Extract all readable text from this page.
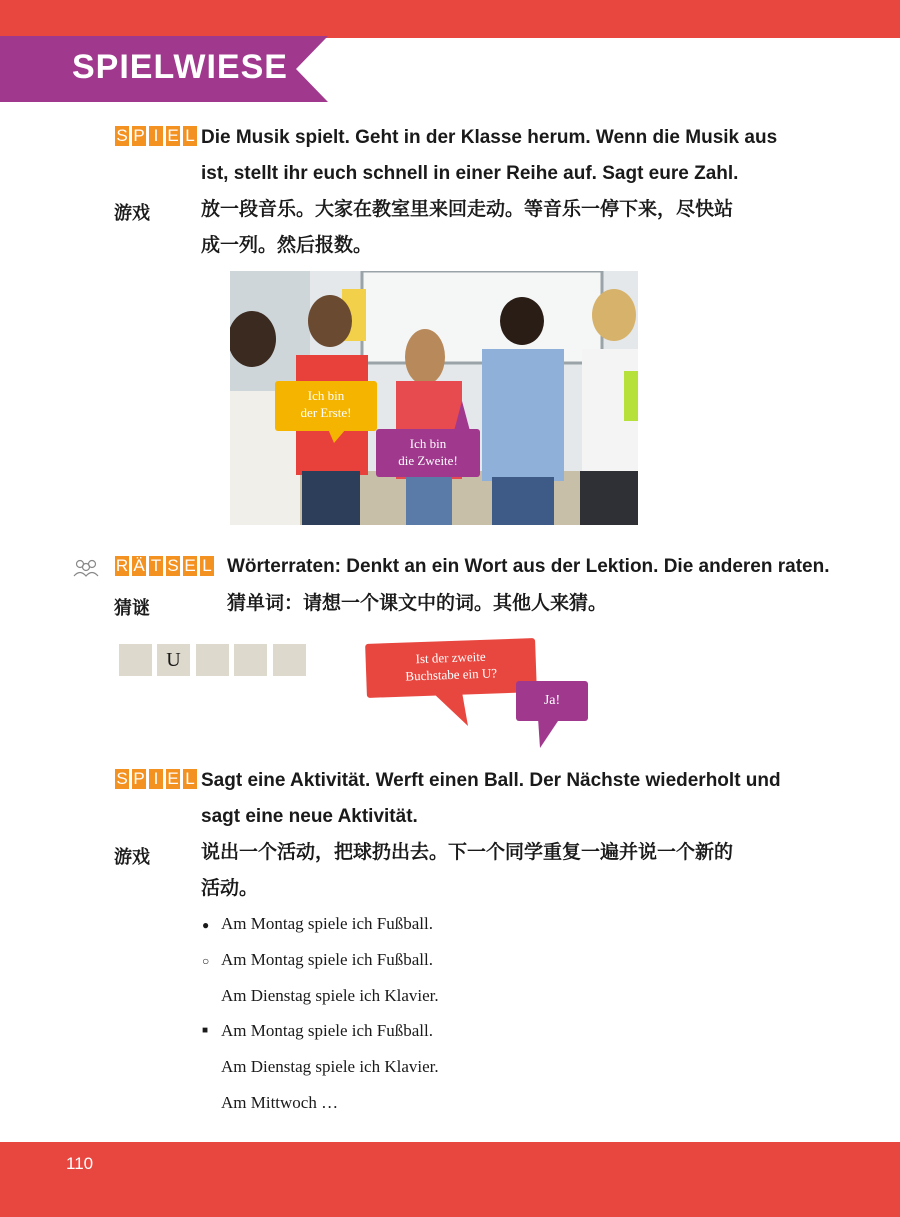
SPIELWIESE
S P I E L Die Musik spielt. Geht in der Klasse herum. Wenn die Musik aus
ist, stellt ihr euch schnell in einer Reihe auf. Sagt eure Zahl.
游戏	放一段音乐。大家在教室里来回走动。等音乐一停下来，尽快站
成一列。然后报数。
Ich bin
der Erste!
Ich bin
die Zweite!
R Ä T S E L Wörterraten: Denkt an ein Wort aus der Lektion. Die anderen raten.
猜谜	猜单词：请想一个课文中的词。其他人来猜。
U	Ist der zweite
Buchstabe ein U?
Ja!
S P I E L Sagt eine Aktivität. Werft einen Ball. Der Nächste wiederholt und
sagt eine neue Aktivität.
游戏	说出一个活动，把球扔出去。下一个同学重复一遍并说一个新的
活动。
● Am Montag spiele ich Fußball.
○ Am Montag spiele ich Fußball.
Am Dienstag spiele ich Klavier.
■ Am Montag spiele ich Fußball.
Am Dienstag spiele ich Klavier.
Am Mittwoch …
110
